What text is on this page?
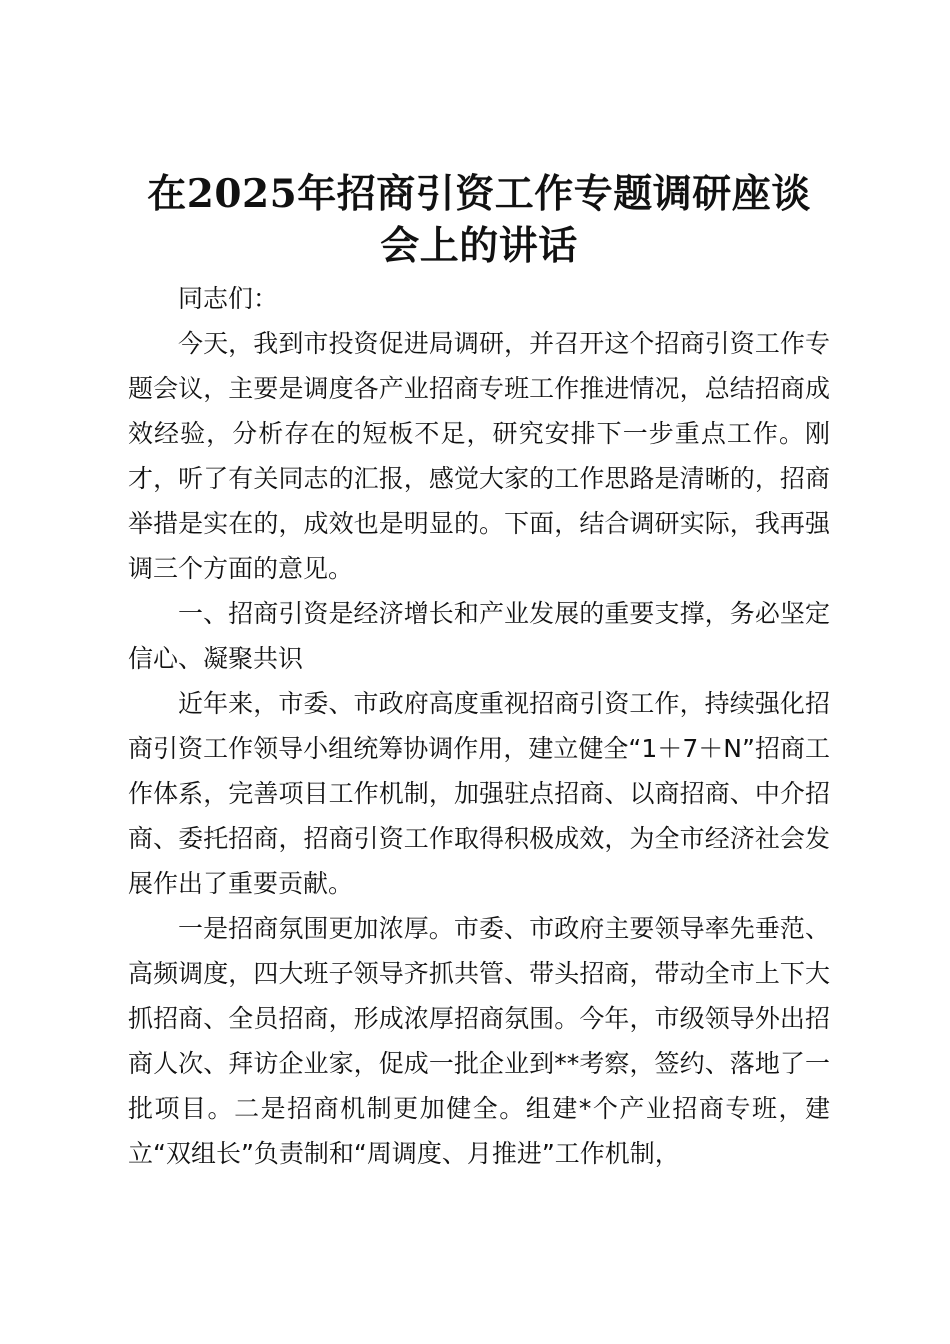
在2025年招商引资工作专题调研座谈会上的讲话

同志们：

今天，我到市投资促进局调研，并召开这个招商引资工作专题会议，主要是调度各产业招商专班工作推进情况，总结招商成效经验，分析存在的短板不足，研究安排下一步重点工作。刚才，听了有关同志的汇报，感觉大家的工作思路是清晰的，招商举措是实在的，成效也是明显的。下面，结合调研实际，我再强调三个方面的意见。

一、招商引资是经济增长和产业发展的重要支撑，务必坚定信心、凝聚共识

近年来，市委、市政府高度重视招商引资工作，持续强化招商引资工作领导小组统筹协调作用，建立健全“1＋7＋N”招商工作体系，完善项目工作机制，加强驻点招商、以商招商、中介招商、委托招商，招商引资工作取得积极成效，为全市经济社会发展作出了重要贡献。

一是招商氛围更加浓厚。市委、市政府主要领导率先垂范、高频调度，四大班子领导齐抓共管、带头招商，带动全市上下大抓招商、全员招商，形成浓厚招商氛围。今年，市级领导外出招商人次、拜访企业家，促成一批企业到**考察，签约、落地了一批项目。二是招商机制更加健全。组建*个产业招商专班，建立“双组长”负责制和“周调度、月推进”工作机制，
